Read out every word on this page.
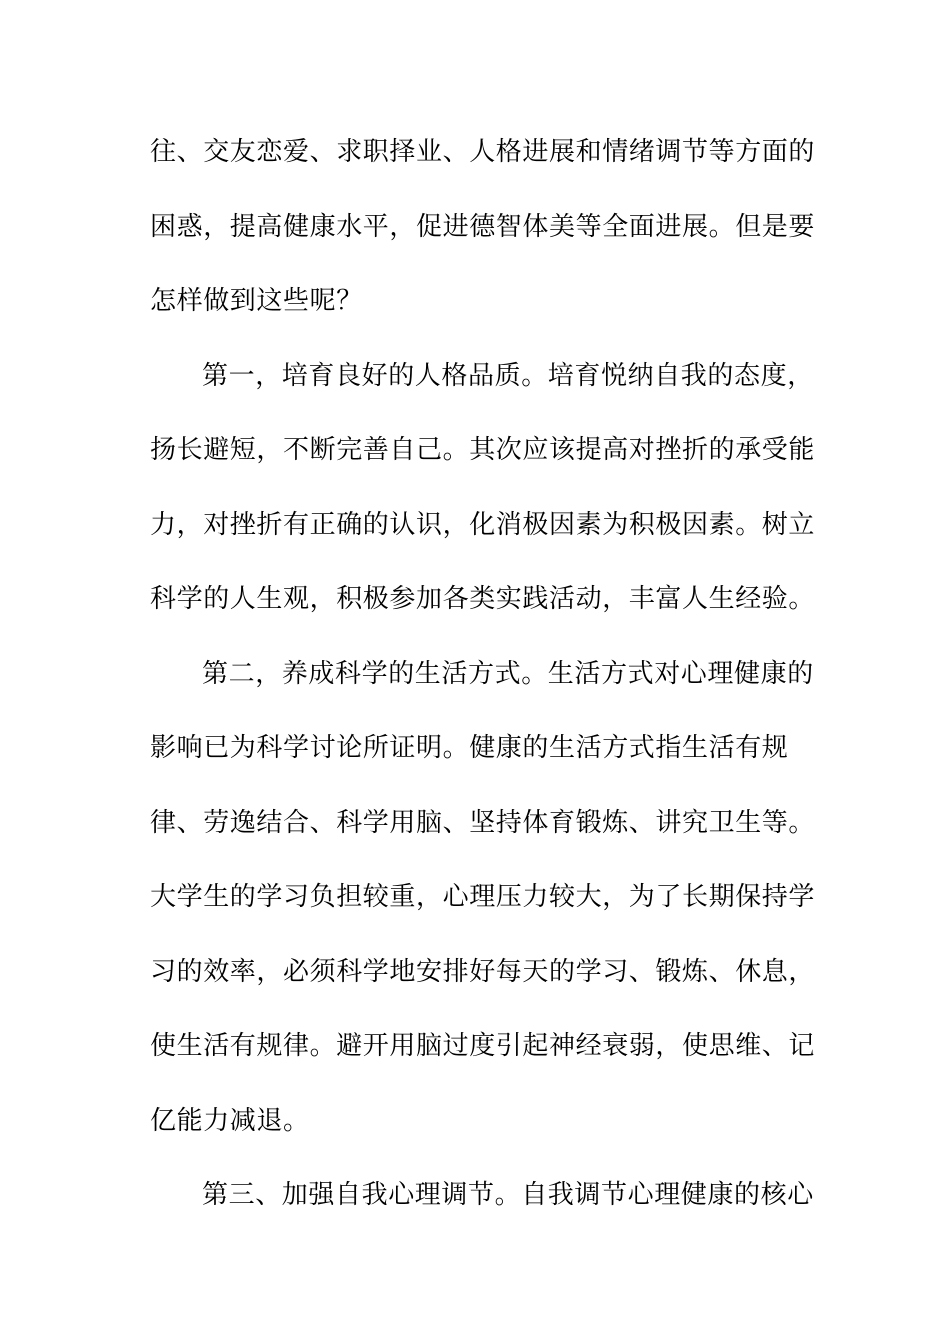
往、交友恋爱、求职择业、人格进展和情绪调节等方面的
困惑，提高健康水平，促进德智体美等全面进展。但是要
怎样做到这些呢？
第一，培育良好的人格品质。培育悦纳自我的态度，
扬长避短，不断完善自己。其次应该提高对挫折的承受能
力，对挫折有正确的认识，化消极因素为积极因素。树立
科学的人生观，积极参加各类实践活动，丰富人生经验。
第二，养成科学的生活方式。生活方式对心理健康的
影响已为科学讨论所证明。健康的生活方式指生活有规
律、劳逸结合、科学用脑、坚持体育锻炼、讲究卫生等。
大学生的学习负担较重，心理压力较大，为了长期保持学
习的效率，必须科学地安排好每天的学习、锻炼、休息，
使生活有规律。避开用脑过度引起神经衰弱，使思维、记
亿能力减退。
第三、加强自我心理调节。自我调节心理健康的核心
